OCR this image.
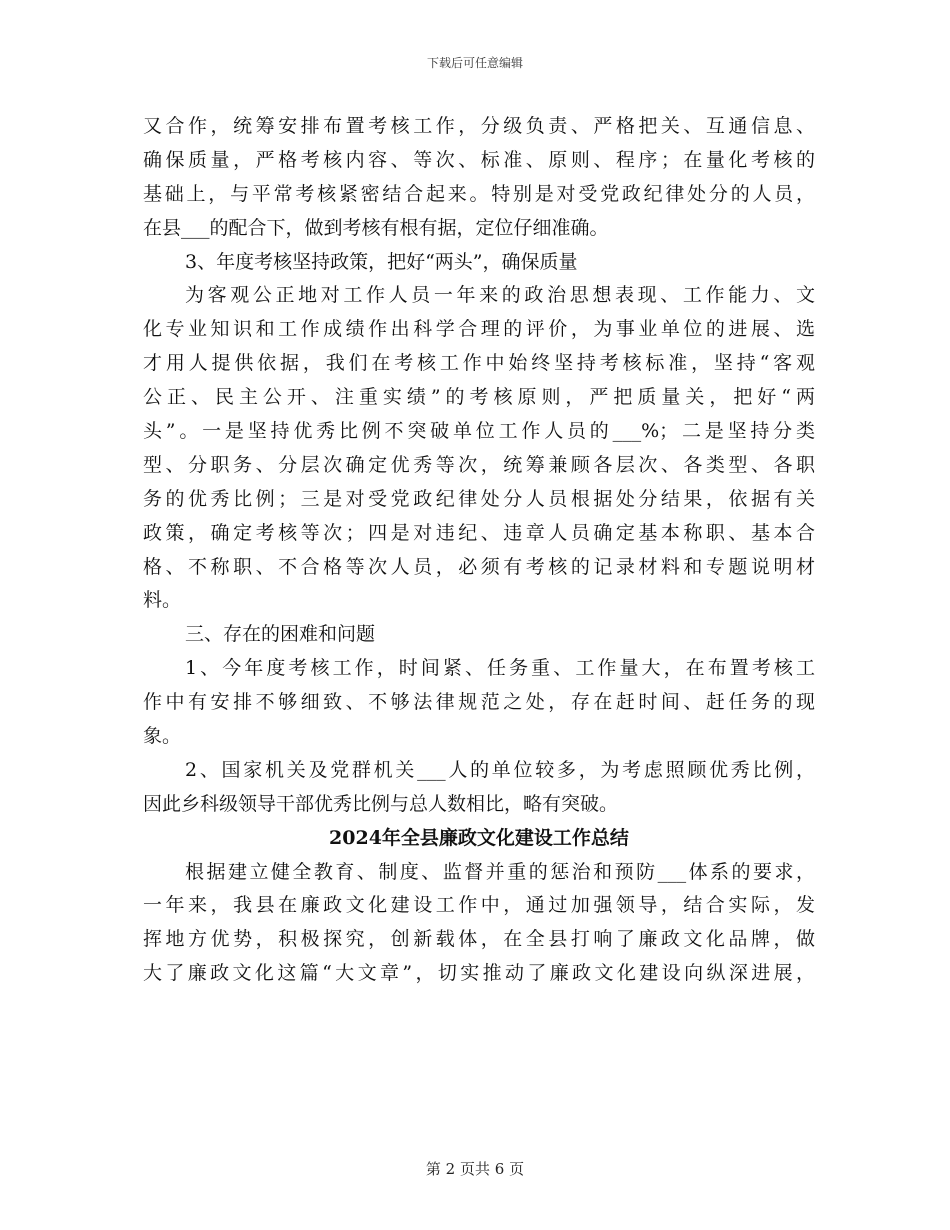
下载后可任意编辑
又合作，统筹安排布置考核工作，分级负责、严格把关、互通信息、
确保质量，严格考核内容、等次、标准、原则、程序；在量化考核的
基础上，与平常考核紧密结合起来。特别是对受党政纪律处分的人员，
在县___的配合下，做到考核有根有据，定位仔细准确。
3、年度考核坚持政策，把好“两头”，确保质量
为客观公正地对工作人员一年来的政治思想表现、工作能力、文
化专业知识和工作成绩作出科学合理的评价，为事业单位的进展、选
才用人提供依据，我们在考核工作中始终坚持考核标准，坚持“客观
公正、民主公开、注重实绩”的考核原则，严把质量关，把好“两
头”。一是坚持优秀比例不突破单位工作人员的___%；二是坚持分类
型、分职务、分层次确定优秀等次，统筹兼顾各层次、各类型、各职
务的优秀比例；三是对受党政纪律处分人员根据处分结果，依据有关
政策，确定考核等次；四是对违纪、违章人员确定基本称职、基本合
格、不称职、不合格等次人员，必须有考核的记录材料和专题说明材
料。
三、存在的困难和问题
1、今年度考核工作，时间紧、任务重、工作量大，在布置考核工
作中有安排不够细致、不够法律规范之处，存在赶时间、赶任务的现
象。
2、国家机关及党群机关___人的单位较多，为考虑照顾优秀比例，
因此乡科级领导干部优秀比例与总人数相比，略有突破。
2024年全县廉政文化建设工作总结
根据建立健全教育、制度、监督并重的惩治和预防___体系的要求，
一年来，我县在廉政文化建设工作中，通过加强领导，结合实际，发
挥地方优势，积极探究，创新载体，在全县打响了廉政文化品牌，做
大了廉政文化这篇“大文章”，切实推动了廉政文化建设向纵深进展，
第 2 页共 6 页
